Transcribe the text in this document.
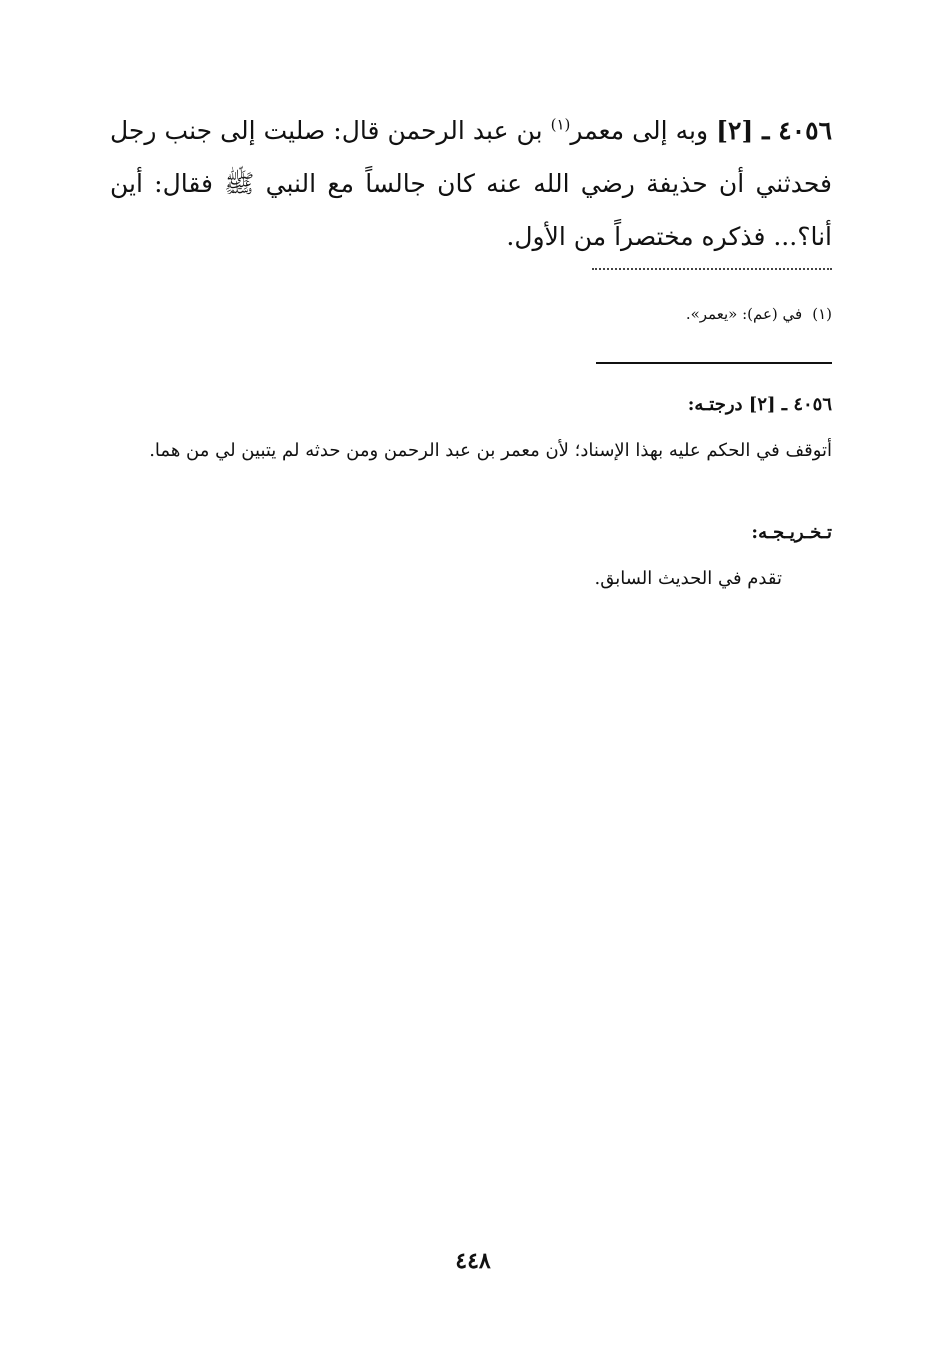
٤٠٥٦ ـ [٢] وبه إلى معمر$^{(١)}$ بن عبد الرحمن قال: صليت إلى جنب رجل فحدثني أن حذيفة رضي الله عنه كان جالساً مع النبي ﷺ فقال: أين أنا؟... فذكره مختصراً من الأول.

(١)في (عم): «يعمر».

٤٠٥٦ ـ [٢] درجتـه:

أتوقف في الحكم عليه بهذا الإسناد؛ لأن معمر بن عبد الرحمن ومن حدثه لم يتبين لي من هما.

تـخـريـجـه:

تقدم في الحديث السابق.

٤٤٨
